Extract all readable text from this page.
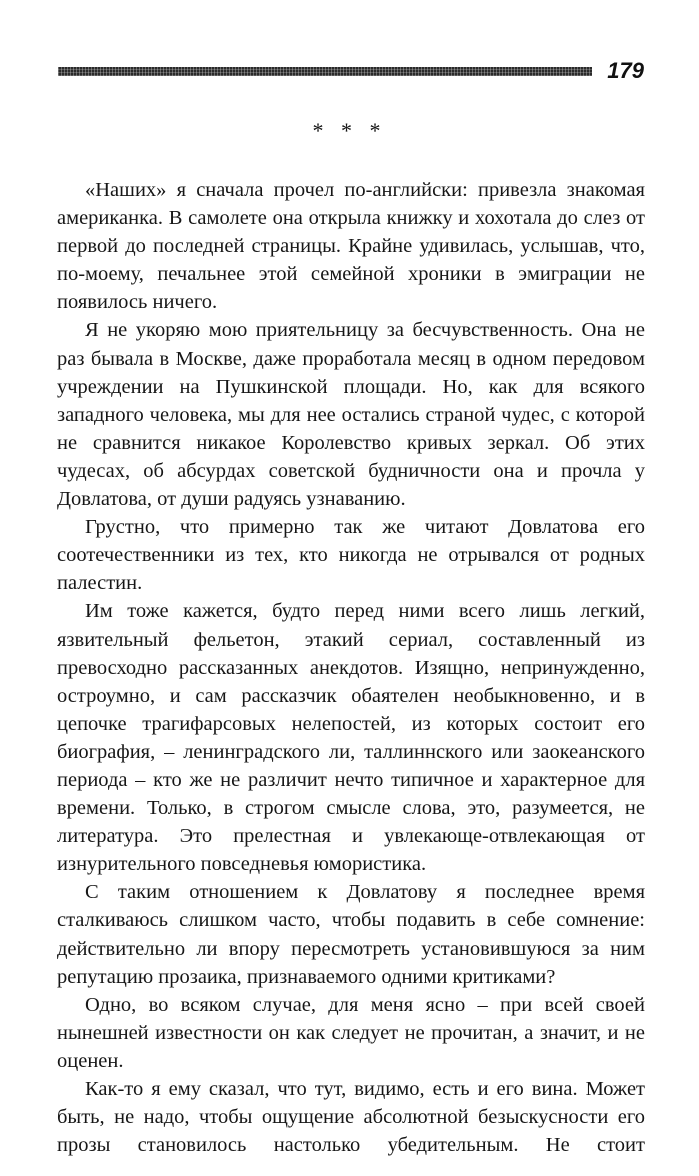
179
* * *

«Наших» я сначала прочел по-английски: привезла знакомая американка. В самолете она открыла книжку и хохотала до слез от первой до последней страницы. Крайне удивилась, услышав, что, по-моему, печальнее этой семейной хроники в эмиграции не появилось ничего.

Я не укоряю мою приятельницу за бесчувственность. Она не раз бывала в Москве, даже проработала месяц в одном передовом учреждении на Пушкинской площади. Но, как для всякого западного человека, мы для нее остались страной чудес, с которой не сравнится никакое Королевство кривых зеркал. Об этих чудесах, об абсурдах советской будничности она и прочла у Довлатова, от души радуясь узнаванию.

Грустно, что примерно так же читают Довлатова его соотечественники из тех, кто никогда не отрывался от родных палестин.

Им тоже кажется, будто перед ними всего лишь легкий, язвительный фельетон, этакий сериал, составленный из превосходно рассказанных анекдотов. Изящно, непринужденно, остроумно, и сам рассказчик обаятелен необыкновенно, и в цепочке трагифарсовых нелепостей, из которых состоит его биография, – ленинградского ли, таллиннского или заокеанского периода – кто же не различит нечто типичное и характерное для времени. Только, в строгом смысле слова, это, разумеется, не литература. Это прелестная и увлекающе-отвлекающая от изнурительного повседневья юмористика.

С таким отношением к Довлатову я последнее время сталкиваюсь слишком часто, чтобы подавить в себе сомнение: действительно ли впору пересмотреть установившуюся за ним репутацию прозаика, признаваемого одними критиками?

Одно, во всяком случае, для меня ясно – при всей своей нынешней известности он как следует не прочитан, а значит, и не оценен.

Как-то я ему сказал, что тут, видимо, есть и его вина. Может быть, не надо, чтобы ощущение абсолютной безыскусности его прозы становилось настолько убедительным. Не стоит
